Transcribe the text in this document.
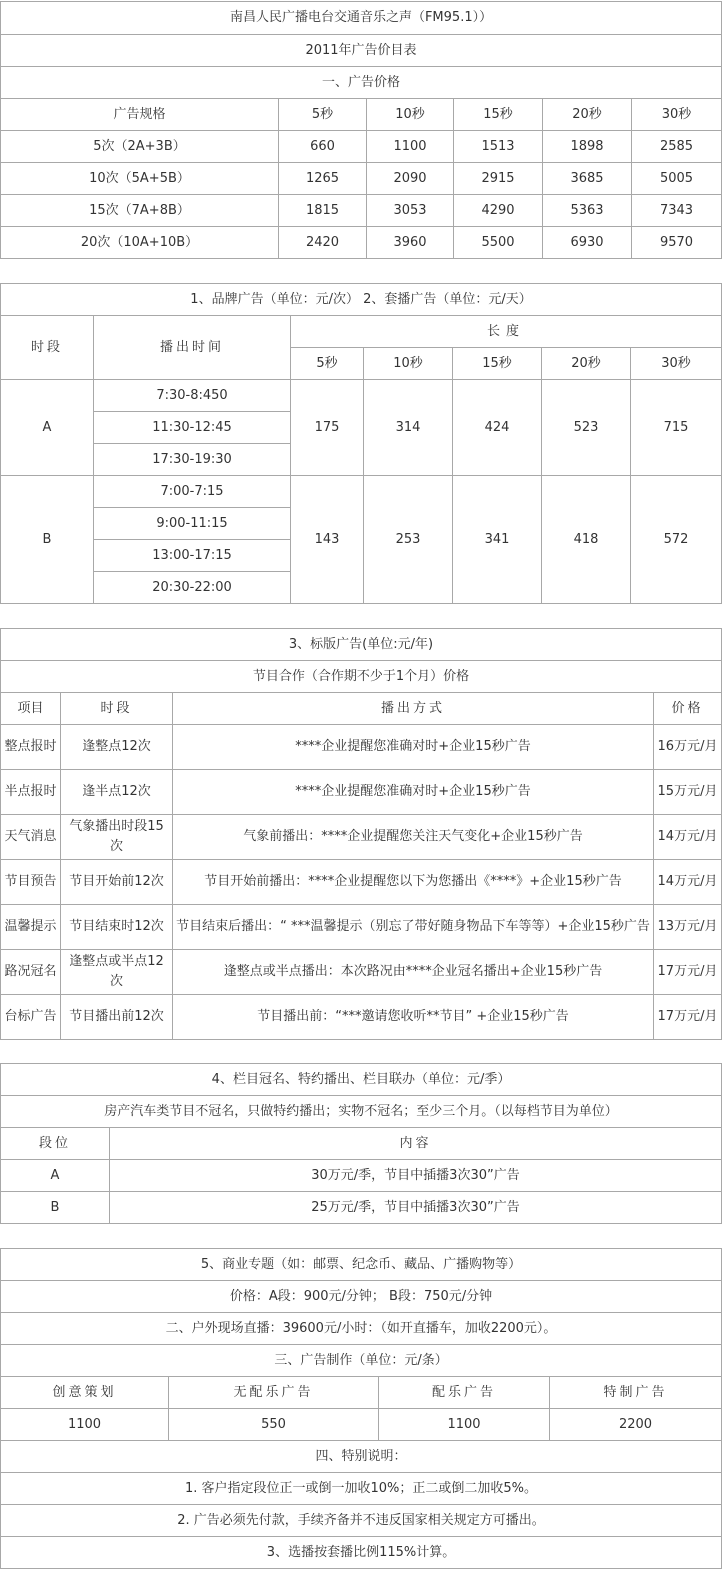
南昌人民广播电台交通音乐之声（FM95.1））					
2011年广告价目表					
一、广告价格					
广告规格	5秒	10秒	15秒	20秒	30秒
5次（2A+3B）	660	1100	1513	1898	2585
10次（5A+5B）	1265	2090	2915	3685	5005
15次（7A+8B）	1815	3053	4290	5363	7343
20次（10A+10B）	2420	3960	5500	6930	9570
1、品牌广告（单位：元/次） 2、套播广告（单位：元/天）						
时段	播出时间	长度				
		5秒	10秒	15秒	20秒	30秒
A	7:30-8:450	175	314	424	523	715
	11:30-12:45					
	17:30-19:30					
B	7:00-7:15	143	253	341	418	572
	9:00-11:15					
	13:00-17:15					
	20:30-22:00					
3、标版广告(单位:元/年)			
节目合作（合作期不少于1个月）价格			
项目	时段	播出方式	价格
整点报时	逢整点12次	****企业提醒您准确对时+企业15秒广告	16万元/月
半点报时	逢半点12次	****企业提醒您准确对时+企业15秒广告	15万元/月
天气消息	气象播出时段15次	气象前播出：****企业提醒您关注天气变化+企业15秒广告	14万元/月
节目预告	节目开始前12次	节目开始前播出：****企业提醒您以下为您播出《****》+企业15秒广告	14万元/月
温馨提示	节目结束时12次	节目结束后播出：“ ***温馨提示（别忘了带好随身物品下车等等）+企业15秒广告	13万元/月
路况冠名	逢整点或半点12次	逢整点或半点播出：本次路况由****企业冠名播出+企业15秒广告	17万元/月
台标广告	节目播出前12次	节目播出前：“***邀请您收听**节目” +企业15秒广告	17万元/月
4、栏目冠名、特约播出、栏目联办（单位：元/季）	
房产汽车类节目不冠名，只做特约播出；实物不冠名；至少三个月。（以每档节目为单位）	
段位	内容
A	30万元/季，节目中插播3次30”广告
B	25万元/季，节目中插播3次30”广告
5、商业专题（如：邮票、纪念币、藏品、广播购物等）			
价格：A段：900元/分钟； B段：750元/分钟			
二、户外现场直播：39600元/小时：（如开直播车，加收2200元）。			
三、广告制作（单位：元/条）			
创意策划	无配乐广告	配乐广告	特制广告
1100	550	1100	2200
四、特别说明：			
1. 客户指定段位正一或倒一加收10%；正二或倒二加收5%。			
2. 广告必须先付款，手续齐备并不违反国家相关规定方可播出。			
3、选播按套播比例115%计算。			
